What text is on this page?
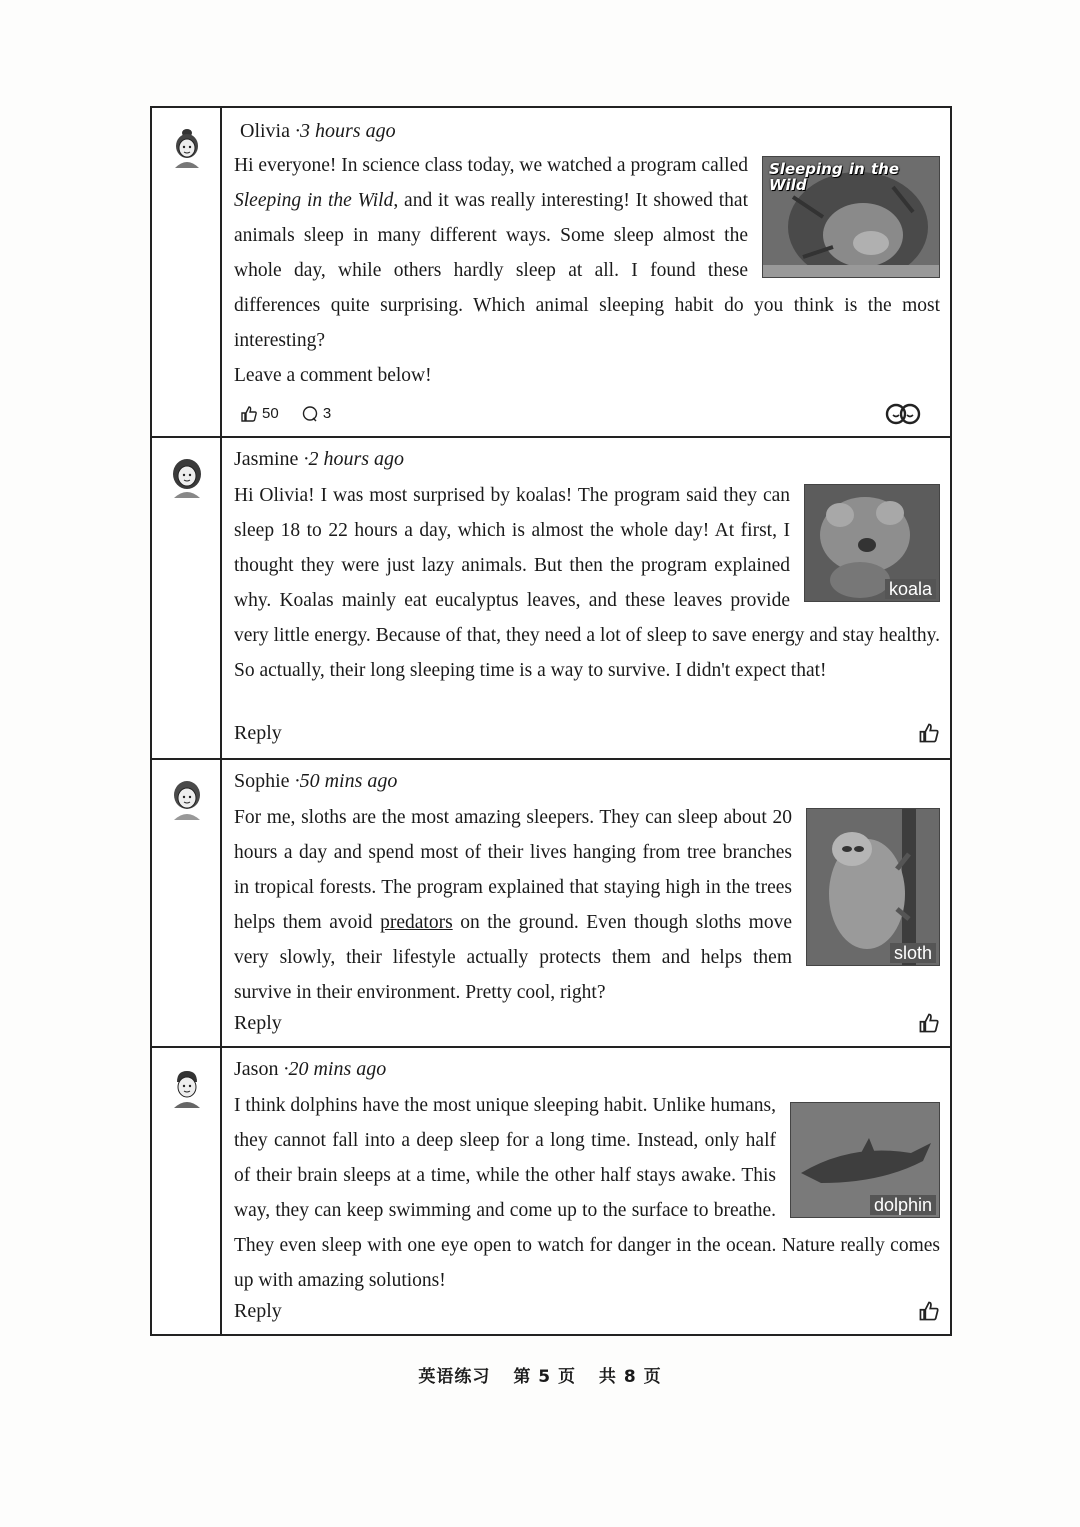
Olivia ·3 hours ago
Sleeping in the Wild
Hi everyone! In science class today, we watched a program called Sleeping in the Wild, and it was really interesting! It showed that animals sleep in many different ways. Some sleep almost the whole day, while others hardly sleep at all. I found these differences quite surprising. Which animal sleeping habit do you think is the most interesting?
Leave a comment below!
50
	3
Jasmine ·2 hours ago
koala
Hi Olivia! I was most surprised by koalas! The program said they can sleep 18 to 22 hours a day, which is almost the whole day! At first, I thought they were just lazy animals. But then the program explained why. Koalas mainly eat eucalyptus leaves, and these leaves provide very little energy. Because of that, they need a lot of sleep to save energy and stay healthy. So actually, their long sleeping time is a way to survive. I didn't expect that!
Reply
Sophie ·50 mins ago
sloth
For me, sloths are the most amazing sleepers. They can sleep about 20 hours a day and spend most of their lives hanging from tree branches in tropical forests. The program explained that staying high in the trees helps them avoid predators on the ground. Even though sloths move very slowly, their lifestyle actually protects them and helps them survive in their environment. Pretty cool, right?
Reply
Jason ·20 mins ago
dolphin
I think dolphins have the most unique sleeping habit. Unlike humans, they cannot fall into a deep sleep for a long time. Instead, only half of their brain sleeps at a time, while the other half stays awake. This way, they can keep swimming and come up to the surface to breathe. They even sleep with one eye open to watch for danger in the ocean. Nature really comes up with amazing solutions!
Reply
英语练习 第 5 页 共 8 页
